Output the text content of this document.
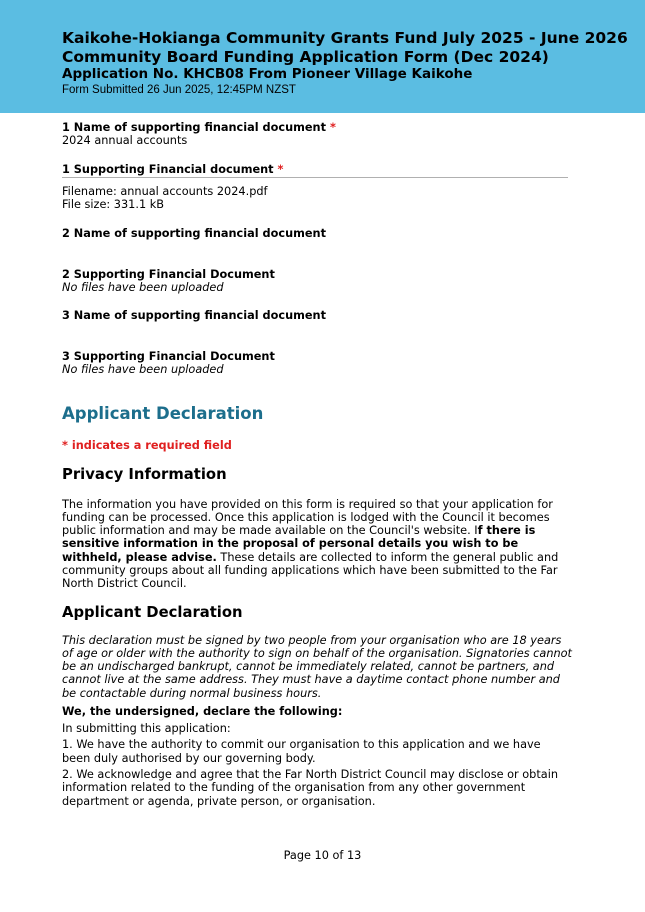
Kaikohe-Hokianga Community Grants Fund July 2025 - June 2026
Community Board Funding Application Form (Dec 2024)
Application No. KHCB08 From Pioneer Village Kaikohe
Form Submitted 26 Jun 2025, 12:45PM NZST
1 Name of supporting financial document *
2024 annual accounts
1 Supporting Financial document *
Filename: annual accounts 2024.pdf
File size: 331.1 kB
2 Name of supporting financial document
2 Supporting Financial Document
No files have been uploaded
3 Name of supporting financial document
3 Supporting Financial Document
No files have been uploaded
Applicant Declaration
* indicates a required field
Privacy Information
The information you have provided on this form is required so that your application for funding can be processed. Once this application is lodged with the Council it becomes public information and may be made available on the Council's website. If there is sensitive information in the proposal of personal details you wish to be withheld, please advise. These details are collected to inform the general public and community groups about all funding applications which have been submitted to the Far North District Council.
Applicant Declaration
This declaration must be signed by two people from your organisation who are 18 years of age or older with the authority to sign on behalf of the organisation. Signatories cannot be an undischarged bankrupt, cannot be immediately related, cannot be partners, and cannot live at the same address. They must have a daytime contact phone number and be contactable during normal business hours.
We, the undersigned, declare the following:
In submitting this application:
1. We have the authority to commit our organisation to this application and we have been duly authorised by our governing body.
2. We acknowledge and agree that the Far North District Council may disclose or obtain information related to the funding of the organisation from any other government department or agenda, private person, or organisation.
Page 10 of 13
